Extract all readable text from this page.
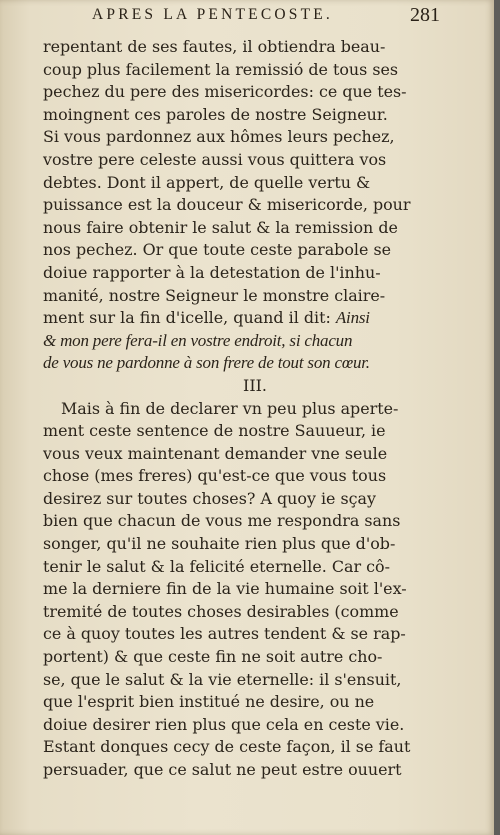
APRES LA PENTECOSTE.	281
repentant de ses fautes, il obtiendra beau-
coup plus facilement la remissió de tous ses
pechez du pere des misericordes: ce que tes-
moingnent ces paroles de nostre Seigneur.
Si vous pardonnez aux hômes leurs pechez,
vostre pere celeste aussi vous quittera vos
debtes. Dont il appert, de quelle vertu &
puissance est la douceur & misericorde, pour
nous faire obtenir le salut & la remission de
nos pechez. Or que toute ceste parabole se
doiue rapporter à la detestation de l'inhu-
manité, nostre Seigneur le monstre claire-
ment sur la fin d'icelle, quand il dit: Ainsi
& mon pere fera-il en vostre endroit, si chacun
de vous ne pardonne à son frere de tout son cœur.
III.
Mais à fin de declarer vn peu plus aperte-
ment ceste sentence de nostre Sauueur, ie
vous veux maintenant demander vne seule
chose (mes freres) qu'est-ce que vous tous
desirez sur toutes choses? A quoy ie sçay
bien que chacun de vous me respondra sans
songer, qu'il ne souhaite rien plus que d'ob-
tenir le salut & la felicité eternelle. Car cô-
me la derniere fin de la vie humaine soit l'ex-
tremité de toutes choses desirables (comme
ce à quoy toutes les autres tendent & se rap-
portent) & que ceste fin ne soit autre cho-
se, que le salut & la vie eternelle: il s'ensuit,
que l'esprit bien institué ne desire, ou ne
doiue desirer rien plus que cela en ceste vie.
Estant donques cecy de ceste façon, il se faut
persuader, que ce salut ne peut estre ouuert
